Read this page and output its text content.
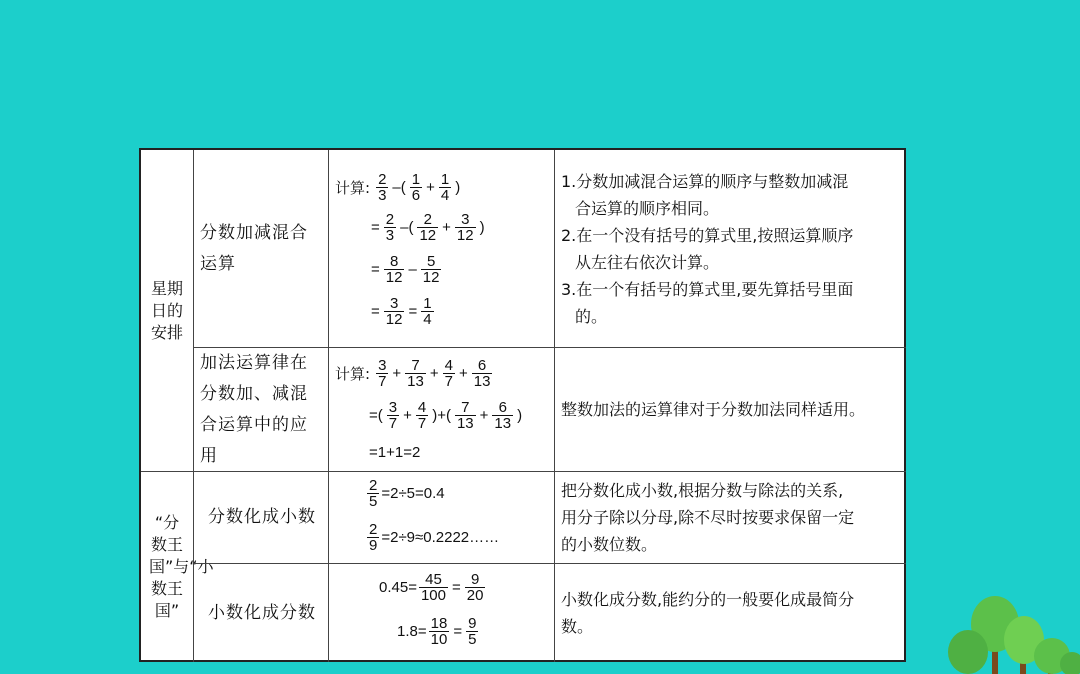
星期日的安排
“分数王国”与“小数王国”
分数加减混合运算
计算: $\frac{2}{3}$ –( $\frac{1}{6} + \frac{1}{4}$ )
= $\frac{2}{3}$ –( $\frac{2}{12} + \frac{3}{12}$ )
= $\frac{8}{12} - \frac{5}{12}$
= $\frac{3}{12} = \frac{1}{4}$
1.分数加减混合运算的顺序与整数加减混
合运算的顺序相同。
2.在一个没有括号的算式里,按照运算顺序
从左往右依次计算。
3.在一个有括号的算式里,要先算括号里面
的。
加法运算律在分数加、减混合运算中的应用
计算: $\frac{3}{7} + \frac{7}{13} + \frac{4}{7} + \frac{6}{13}$
=( $\frac{3}{7} + \frac{4}{7}$ )+( $\frac{7}{13} + \frac{6}{13}$ )
=1+1=2
整数加法的运算律对于分数加法同样适用。
分数化成小数
$\frac{2}{5} =2\div 5=0.4$
$\frac{2}{9}$ =2÷9≈0.2222……
把分数化成小数,根据分数与除法的关系,
用分子除以分母,除不尽时按要求保留一定
的小数位数。
小数化成分数
$0.45= \frac{45}{100} = \frac{9}{20}$
$1.8= \frac{18}{10} = \frac{9}{5}$
小数化成分数,能约分的一般要化成最简分
数。
